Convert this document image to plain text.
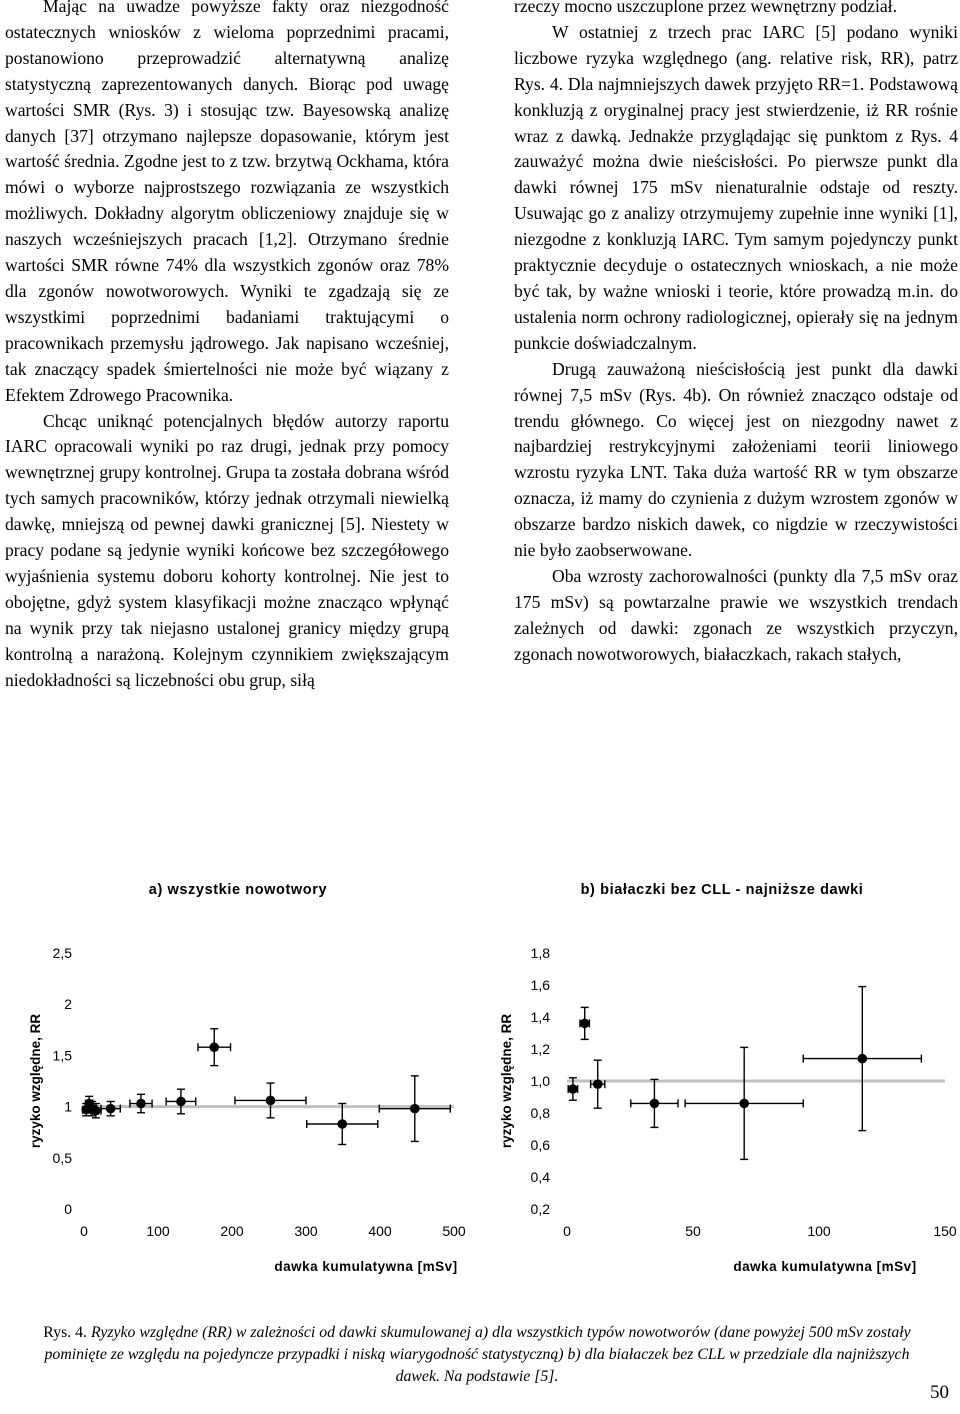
Mając na uwadze powyższe fakty oraz niezgodność ostatecznych wniosków z wieloma poprzednimi pracami, postanowiono przeprowadzić alternatywną analizę statystyczną zaprezentowanych danych. Biorąc pod uwagę wartości SMR (Rys. 3) i stosując tzw. Bayesowską analizę danych [37] otrzymano najlepsze dopasowanie, którym jest wartość średnia. Zgodne jest to z tzw. brzytwą Ockhama, która mówi o wyborze najprostszego rozwiązania ze wszystkich możliwych. Dokładny algorytm obliczeniowy znajduje się w naszych wcześniejszych pracach [1,2]. Otrzymano średnie wartości SMR równe 74% dla wszystkich zgonów oraz 78% dla zgonów nowotworowych. Wyniki te zgadzają się ze wszystkimi poprzednimi badaniami traktującymi o pracownikach przemysłu jądrowego. Jak napisano wcześniej, tak znaczący spadek śmiertelności nie może być wiązany z Efektem Zdrowego Pracownika.

Chcąc uniknąć potencjalnych błędów autorzy raportu IARC opracowali wyniki po raz drugi, jednak przy pomocy wewnętrznej grupy kontrolnej. Grupa ta została dobrana wśród tych samych pracowników, którzy jednak otrzymali niewielką dawkę, mniejszą od pewnej dawki granicznej [5]. Niestety w pracy podane są jedynie wyniki końcowe bez szczegółowego wyjaśnienia systemu doboru kohorty kontrolnej. Nie jest to obojętne, gdyż system klasyfikacji możne znacząco wpłynąć na wynik przy tak niejasno ustalonej granicy między grupą kontrolną a narażoną. Kolejnym czynnikiem zwiększającym niedokładności są liczebności obu grup, siłą

rzeczy mocno uszczuplone przez wewnętrzny podział.

W ostatniej z trzech prac IARC [5] podano wyniki liczbowe ryzyka względnego (ang. relative risk, RR), patrz Rys. 4. Dla najmniejszych dawek przyjęto RR=1. Podstawową konkluzją z oryginalnej pracy jest stwierdzenie, iż RR rośnie wraz z dawką. Jednakże przyglądając się punktom z Rys. 4 zauważyć można dwie nieścisłości. Po pierwsze punkt dla dawki równej 175 mSv nienaturalnie odstaje od reszty. Usuwając go z analizy otrzymujemy zupełnie inne wyniki [1], niezgodne z konkluzją IARC. Tym samym pojedynczy punkt praktycznie decyduje o ostatecznych wnioskach, a nie może być tak, by ważne wnioski i teorie, które prowadzą m.in. do ustalenia norm ochrony radiologicznej, opierały się na jednym punkcie doświadczalnym.

Drugą zauważoną nieścisłością jest punkt dla dawki równej 7,5 mSv (Rys. 4b). On również znacząco odstaje od trendu głównego. Co więcej jest on niezgodny nawet z najbardziej restrykcyjnymi założeniami teorii liniowego wzrostu ryzyka LNT. Taka duża wartość RR w tym obszarze oznacza, iż mamy do czynienia z dużym wzrostem zgonów w obszarze bardzo niskich dawek, co nigdzie w rzeczywistości nie było zaobserwowane.

Oba wzrosty zachorowalności (punkty dla 7,5 mSv oraz 175 mSv) są powtarzalne prawie we wszystkich trendach zależnych od dawki: zgonach ze wszystkich przyczyn, zgonach nowotworowych, białaczkach, rakach stałych,

a) wszystkie nowotwory
0
0,5
1
1,5
2
2,5
0	100	200	300	400	500
dawka kumulatywna [mSv]
ryzyko względne, RR
b) białaczki bez CLL - najniższe dawki
0,2
0,4
0,6
0,8
1,0
1,2
1,4
1,6
1,8
0	50	100	150
dawka kumulatywna [mSv]
ryzyko względne, RR
Rys. 4. Ryzyko względne (RR) w zależności od dawki skumulowanej a) dla wszystkich typów nowotworów (dane powyżej 500 mSv zostały pominięte ze względu na pojedyncze przypadki i niską wiarygodność statystyczną) b) dla białaczek bez CLL w przedziale dla najniższych dawek. Na podstawie [5].
50
